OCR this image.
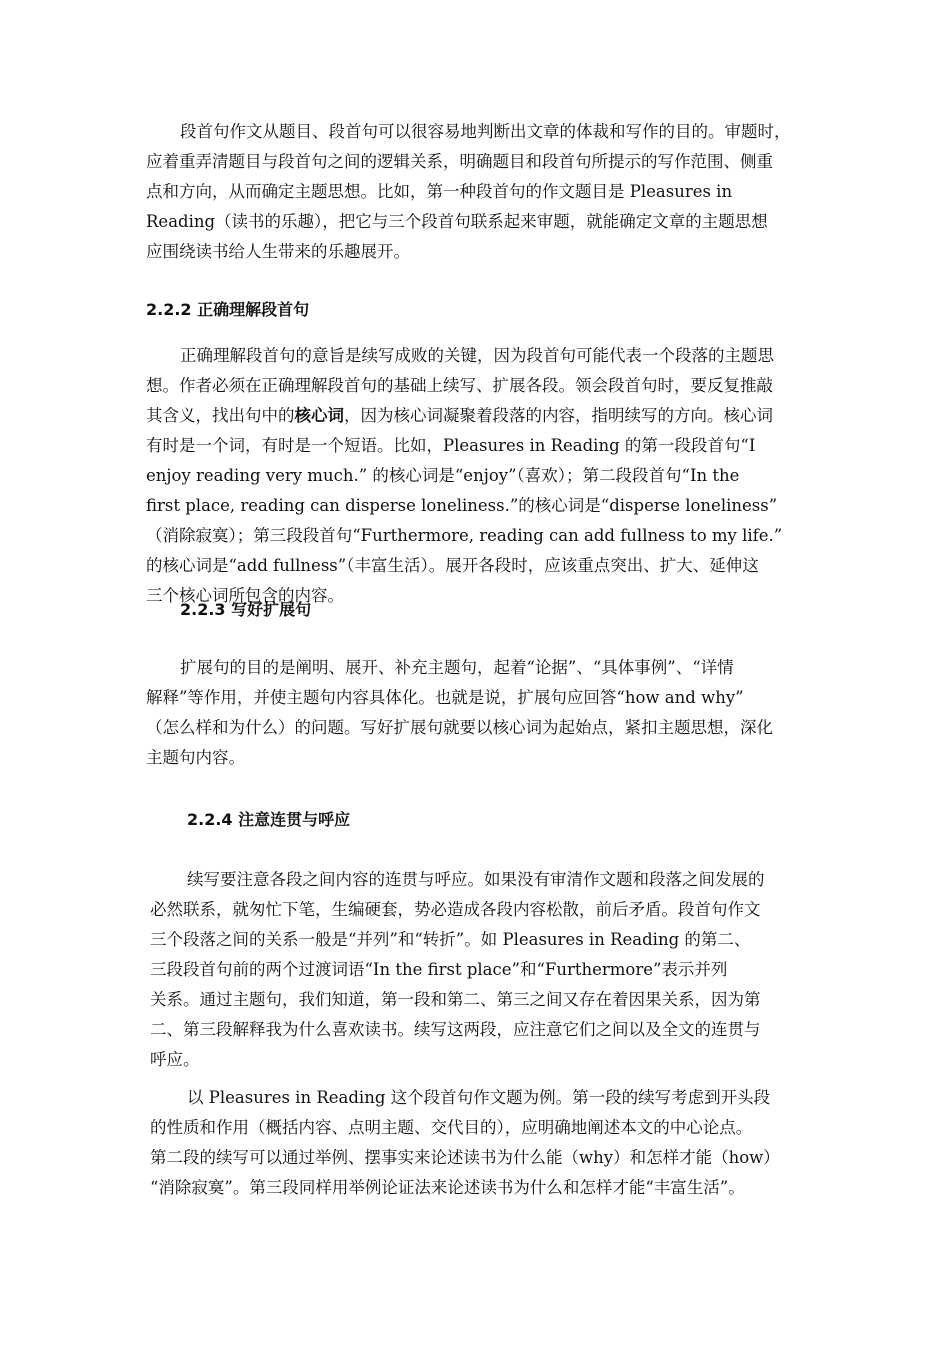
段首句作文从题目、段首句可以很容易地判断出文章的体裁和写作的目的。审题时，
应着重弄清题目与段首句之间的逻辑关系，明确题目和段首句所提示的写作范围、侧重
点和方向，从而确定主题思想。比如，第一种段首句的作文题目是 Pleasures in
Reading（读书的乐趣），把它与三个段首句联系起来审题，就能确定文章的主题思想
应围绕读书给人生带来的乐趣展开。
2.2.2 正确理解段首句
正确理解段首句的意旨是续写成败的关键，因为段首句可能代表一个段落的主题思
想。作者必须在正确理解段首句的基础上续写、扩展各段。领会段首句时，要反复推敲
其含义，找出句中的核心词，因为核心词凝聚着段落的内容，指明续写的方向。核心词
有时是一个词，有时是一个短语。比如，Pleasures in Reading 的第一段段首句“I
enjoy reading very much.” 的核心词是“enjoy”（喜欢）；第二段段首句“In the
first place, reading can disperse loneliness.”的核心词是“disperse loneliness”
（消除寂寞）；第三段段首句“Furthermore, reading can add fullness to my life.”
的核心词是“add fullness”（丰富生活）。展开各段时，应该重点突出、扩大、延伸这
三个核心词所包含的内容。
2.2.3 写好扩展句
扩展句的目的是阐明、展开、补充主题句，起着“论据”、“具体事例”、“详情
解释”等作用，并使主题句内容具体化。也就是说，扩展句应回答“how and why”
（怎么样和为什么）的问题。写好扩展句就要以核心词为起始点，紧扣主题思想，深化
主题句内容。
2.2.4 注意连贯与呼应
续写要注意各段之间内容的连贯与呼应。如果没有审清作文题和段落之间发展的
必然联系，就匆忙下笔，生编硬套，势必造成各段内容松散，前后矛盾。段首句作文
三个段落之间的关系一般是“并列”和“转折”。如 Pleasures in Reading 的第二、
三段段首句前的两个过渡词语“In the first place”和“Furthermore”表示并列
关系。通过主题句，我们知道，第一段和第二、第三之间又存在着因果关系，因为第
二、第三段解释我为什么喜欢读书。续写这两段，应注意它们之间以及全文的连贯与
呼应。
以 Pleasures in Reading 这个段首句作文题为例。第一段的续写考虑到开头段
的性质和作用（概括内容、点明主题、交代目的），应明确地阐述本文的中心论点。
第二段的续写可以通过举例、摆事实来论述读书为什么能（why）和怎样才能（how）
“消除寂寞”。第三段同样用举例论证法来论述读书为什么和怎样才能“丰富生活”。
